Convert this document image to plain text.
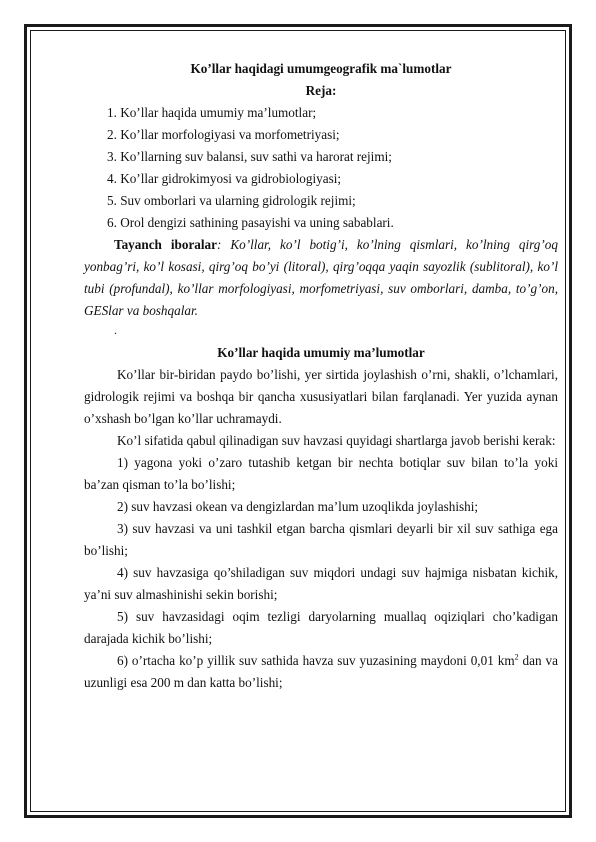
Ko’llar haqidagi umumgeografik ma`lumotlar

Reja:

1. Ko’llar haqida umumiy ma’lumotlar;

2. Ko’llar morfologiyasi va morfometriyasi;

3. Ko’llarning suv balansi, suv sathi va harorat rejimi;

4. Ko’llar gidrokimyosi va gidrobiologiyasi;

5. Suv omborlari va ularning gidrologik rejimi;

6. Orol dengizi sathining pasayishi va uning sabablari.

Tayanch iboralar: Ko’llar, ko’l botig’i, ko’lning qismlari, ko’lning qirg’oq yonbag’ri, ko’l kosasi, qirg’oq bo’yi (litoral), qirg’oqqa yaqin sayozlik (sublitoral), ko’l tubi (profundal), ko’llar morfologiyasi, morfometriyasi, suv omborlari, damba, to’g’on, GESlar va boshqalar.

.

Ko’llar haqida umumiy ma’lumotlar

Ko’llar bir-biridan paydo bo’lishi, yer sirtida joylashish o’rni, shakli, o’lchamlari, gidrologik rejimi va boshqa bir qancha xususiyatlari bilan farqlanadi. Yer yuzida aynan o’xshash bo’lgan ko’llar uchramaydi.

Ko’l sifatida qabul qilinadigan suv havzasi quyidagi shartlarga javob berishi kerak:

1) yagona yoki o’zaro tutashib ketgan bir nechta botiqlar suv bilan to’la yoki ba’zan qisman to’la bo’lishi;

2) suv havzasi okean va dengizlardan ma’lum uzoqlikda joylashishi;

3) suv havzasi va uni tashkil etgan barcha qismlari deyarli bir xil suv sathiga ega bo’lishi;

4) suv havzasiga qo’shiladigan suv miqdori undagi suv hajmiga nisbatan kichik, ya’ni suv almashinishi sekin borishi;

5) suv havzasidagi oqim tezligi daryolarning muallaq oqiziqlari cho’kadigan darajada kichik bo’lishi;

6) o’rtacha ko’p yillik suv sathida havza suv yuzasining maydoni 0,01 $km^2$ dan va uzunligi esa 200 m dan katta bo’lishi;
